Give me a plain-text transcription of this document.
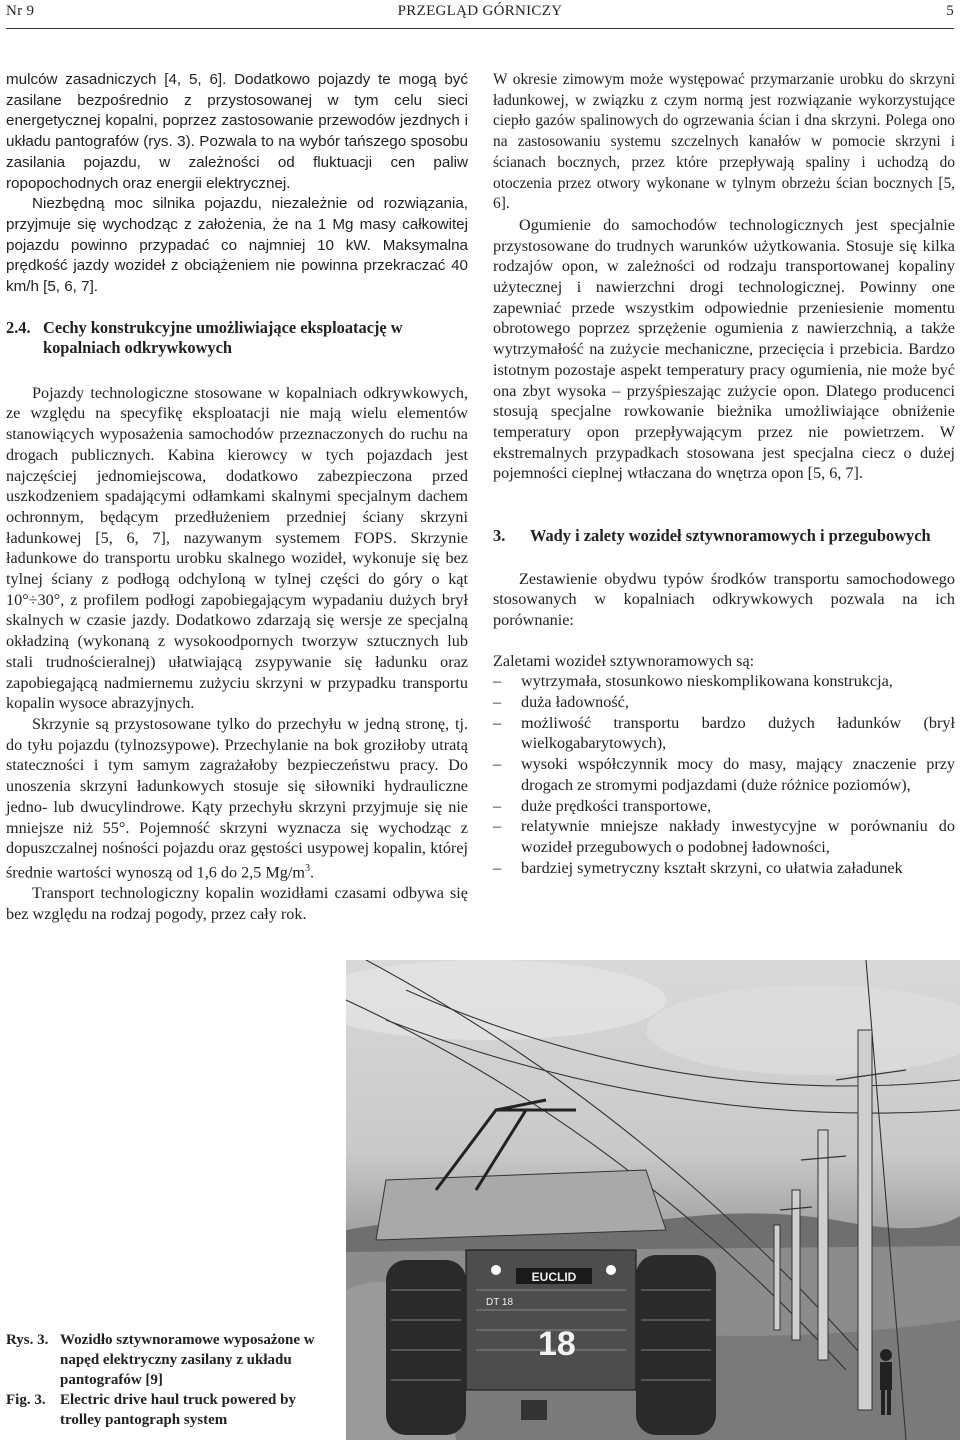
Nr 9	PRZEGLĄD GÓRNICZY	5

mulców zasadniczych [4, 5, 6]. Dodatkowo pojazdy te mogą być zasilane bezpośrednio z przystosowanej w tym celu sieci energetycznej kopalni, poprzez zastosowanie przewodów jezdnych i układu pantografów (rys. 3). Pozwala to na wybór tańszego sposobu zasilania pojazdu, w zależności od fluktuacji cen paliw ropopochodnych oraz energii elektrycznej.

Niezbędną moc silnika pojazdu, niezależnie od rozwiązania, przyjmuje się wychodząc z założenia, że na 1 Mg masy całkowitej pojazdu powinno przypadać co najmniej 10 kW. Maksymalna prędkość jazdy wozideł z obciążeniem nie powinna przekraczać 40 km/h [5, 6, 7].

2.4. Cechy konstrukcyjne umożliwiające eksploatację w kopalniach odkrywkowych

Pojazdy technologiczne stosowane w kopalniach odkrywkowych, ze względu na specyfikę eksploatacji nie mają wielu elementów stanowiących wyposażenia samochodów przeznaczonych do ruchu na drogach publicznych. Kabina kierowcy w tych pojazdach jest najczęściej jednomiejscowa, dodatkowo zabezpieczona przed uszkodzeniem spadającymi odłamkami skalnymi specjalnym dachem ochronnym, będącym przedłużeniem przedniej ściany skrzyni ładunkowej [5, 6, 7], nazywanym systemem FOPS. Skrzynie ładunkowe do transportu urobku skalnego wozideł, wykonuje się bez tylnej ściany z podłogą odchyloną w tylnej części do góry o kąt 10°÷30°, z profilem podłogi zapobiegającym wypadaniu dużych brył skalnych w czasie jazdy. Dodatkowo zdarzają się wersje ze specjalną okładziną (wykonaną z wysokoodpornych tworzyw sztucznych lub stali trudnościeralnej) ułatwiającą zsypywanie się ładunku oraz zapobiegającą nadmiernemu zużyciu skrzyni w przypadku transportu kopalin wysoce abrazyjnych.

Skrzynie są przystosowane tylko do przechyłu w jedną stronę, tj. do tyłu pojazdu (tylnozsypowe). Przechylanie na bok groziłoby utratą stateczności i tym samym zagrażałoby bezpieczeństwu pracy. Do unoszenia skrzyni ładunkowych stosuje się siłowniki hydrauliczne jedno- lub dwucylindrowe. Kąty przechyłu skrzyni przyjmuje się nie mniejsze niż 55°. Pojemność skrzyni wyznacza się wychodząc z dopuszczalnej nośności pojazdu oraz gęstości usypowej kopalin, której średnie wartości wynoszą od 1,6 do 2,5 $Mg/m^3$.

Transport technologiczny kopalin wozidłami czasami odbywa się bez względu na rodzaj pogody, przez cały rok.

W okresie zimowym może występować przymarzanie urobku do skrzyni ładunkowej, w związku z czym normą jest rozwiązanie wykorzystujące ciepło gazów spalinowych do ogrzewania ścian i dna skrzyni. Polega ono na zastosowaniu systemu szczelnych kanałów w pomocie skrzyni i ścianach bocznych, przez które przepływają spaliny i uchodzą do otoczenia przez otwory wykonane w tylnym obrzeżu ścian bocznych [5, 6].

Ogumienie do samochodów technologicznych jest specjalnie przystosowane do trudnych warunków użytkowania. Stosuje się kilka rodzajów opon, w zależności od rodzaju transportowanej kopaliny użytecznej i nawierzchni drogi technologicznej. Powinny one zapewniać przede wszystkim odpowiednie przeniesienie momentu obrotowego poprzez sprzężenie ogumienia z nawierzchnią, a także wytrzymałość na zużycie mechaniczne, przecięcia i przebicia. Bardzo istotnym pozostaje aspekt temperatury pracy ogumienia, nie może być ona zbyt wysoka – przyśpieszając zużycie opon. Dlatego producenci stosują specjalne rowkowanie bieżnika umożliwiające obniżenie temperatury opon przepływającym przez nie powietrzem. W ekstremalnych przypadkach stosowana jest specjalna ciecz o dużej pojemności cieplnej wtłaczana do wnętrza opon [5, 6, 7].

3. Wady i zalety wozideł sztywnoramowych i przegubowych

Zestawienie obydwu typów środków transportu samochodowego stosowanych w kopalniach odkrywkowych pozwala na ich porównanie:

Zaletami wozideł sztywnoramowych są:

– wytrzymała, stosunkowo nieskomplikowana konstrukcja,
– duża ładowność,
– możliwość transportu bardzo dużych ładunków (brył wielkogabarytowych),
– wysoki współczynnik mocy do masy, mający znaczenie przy drogach ze stromymi podjazdami (duże różnice poziomów),
– duże prędkości transportowe,
– relatywnie mniejsze nakłady inwestycyjne w porównaniu do wozideł przegubowych o podobnej ładowności,
– bardziej symetryczny kształt skrzyni, co ułatwia załadunek
EUCLID
DT 18
18
Rys. 3. Wozidło sztywnoramowe wyposażone w napęd elektryczny zasilany z układu pantografów [9]
Fig. 3. Electric drive haul truck powered by trolley pantograph system
